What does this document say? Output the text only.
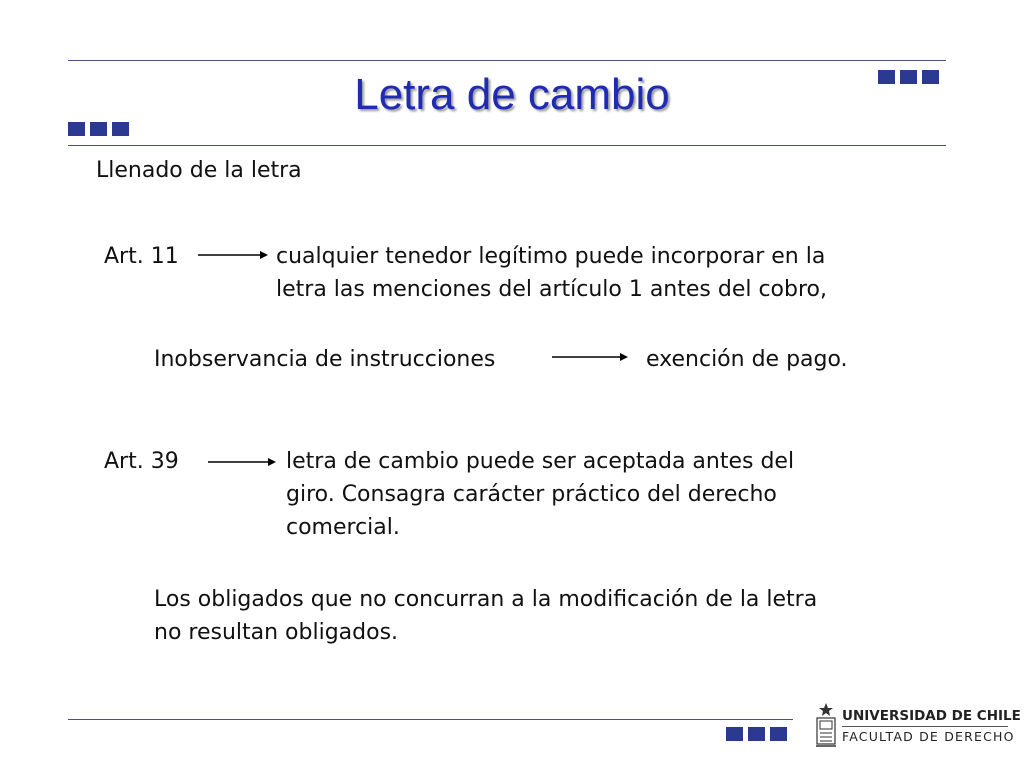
Letra de cambio
Llenado de la letra
Art. 11	cualquier tenedor legítimo puede incorporar en la
letra las menciones del artículo 1 antes del cobro,
Inobservancia de instrucciones	exención de pago.
Art. 39	letra de cambio puede ser aceptada antes del
giro. Consagra carácter práctico del derecho
comercial.
Los obligados que no concurran a la modificación de la letra
no resultan obligados.
UNIVERSIDAD DE CHILE
FACULTAD DE DERECHO
